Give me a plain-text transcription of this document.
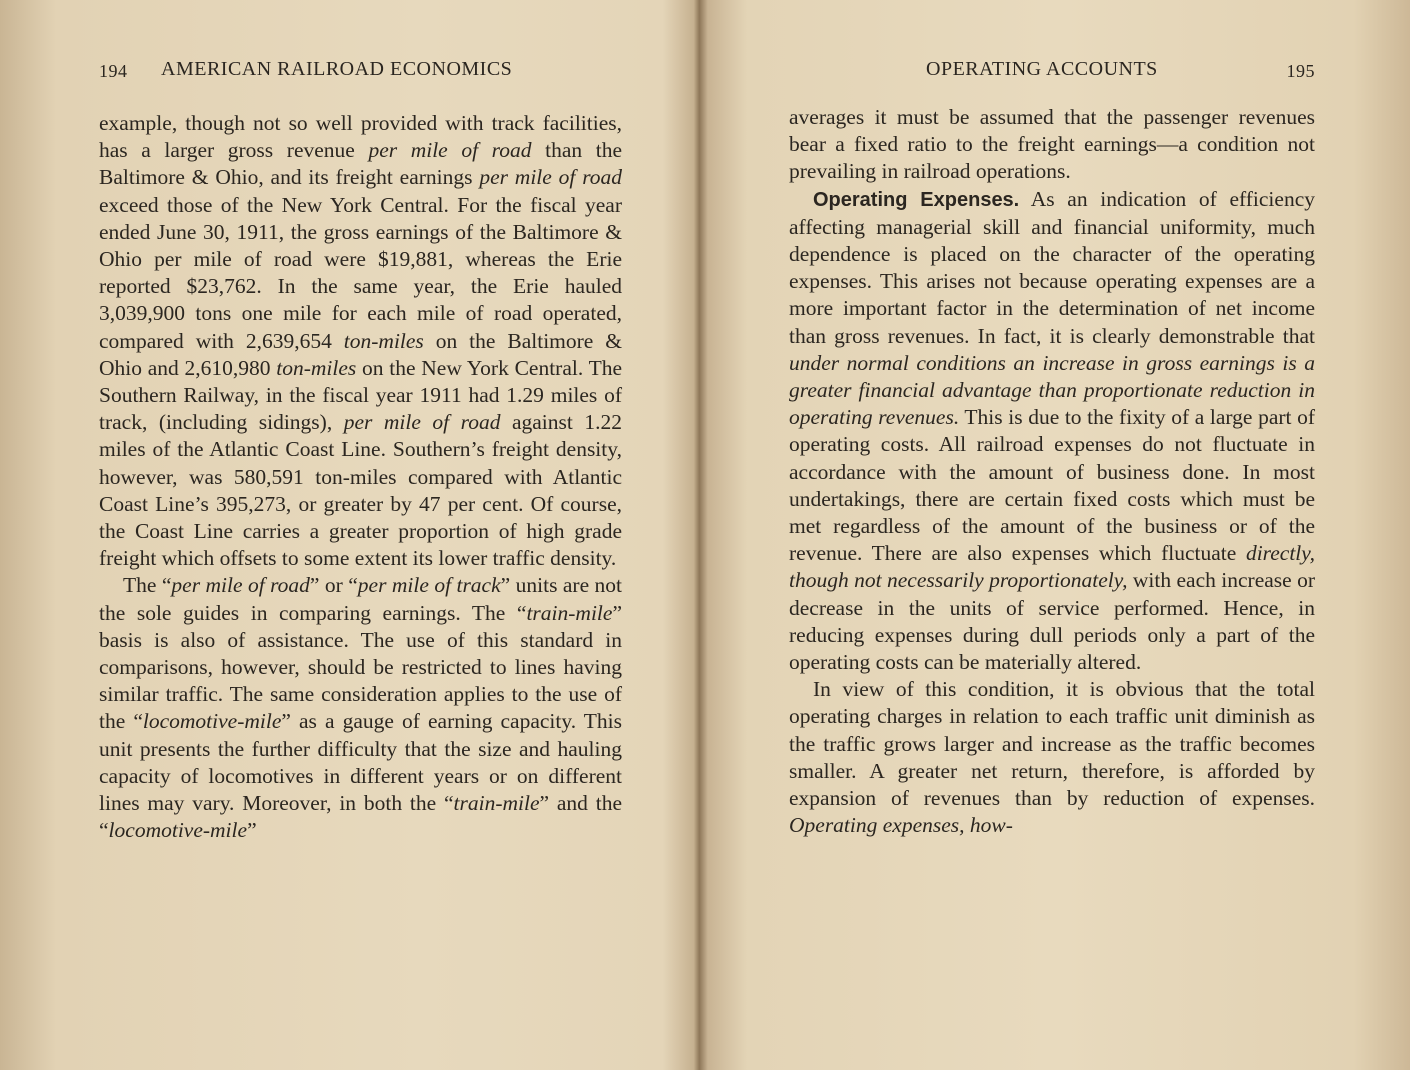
194 AMERICAN RAILROAD ECONOMICS

example, though not so well provided with track facilities, has a larger gross revenue per mile of road than the Baltimore & Ohio, and its freight earnings per mile of road exceed those of the New York Central. For the fiscal year ended June 30, 1911, the gross earnings of the Baltimore & Ohio per mile of road were $19,881, whereas the Erie reported $23,762. In the same year, the Erie hauled 3,039,900 tons one mile for each mile of road operated, compared with 2,639,654 ton-miles on the Baltimore & Ohio and 2,610,980 ton-miles on the New York Central. The Southern Railway, in the fiscal year 1911 had 1.29 miles of track, (including sidings), per mile of road against 1.22 miles of the Atlantic Coast Line. Southern’s freight density, however, was 580,591 ton-miles compared with Atlantic Coast Line’s 395,273, or greater by 47 per cent. Of course, the Coast Line carries a greater proportion of high grade freight which offsets to some extent its lower traffic density.

The “per mile of road” or “per mile of track” units are not the sole guides in comparing earnings. The “train-mile” basis is also of assistance. The use of this standard in comparisons, however, should be restricted to lines having similar traffic. The same consideration applies to the use of the “locomotive-mile” as a gauge of earning capacity. This unit presents the further difficulty that the size and hauling capacity of locomotives in different years or on different lines may vary. Moreover, in both the “train-mile” and the “locomotive-mile”

OPERATING ACCOUNTS	195

averages it must be assumed that the passenger revenues bear a fixed ratio to the freight earnings—a condition not prevailing in railroad operations.

Operating Expenses. As an indication of efficiency affecting managerial skill and financial uniformity, much dependence is placed on the character of the operating expenses. This arises not because operating expenses are a more important factor in the determination of net income than gross revenues. In fact, it is clearly demonstrable that under normal conditions an increase in gross earnings is a greater financial advantage than proportionate reduction in operating revenues. This is due to the fixity of a large part of operating costs. All railroad expenses do not fluctuate in accordance with the amount of business done. In most undertakings, there are certain fixed costs which must be met regardless of the amount of the business or of the revenue. There are also expenses which fluctuate directly, though not necessarily proportionately, with each increase or decrease in the units of service performed. Hence, in reducing expenses during dull periods only a part of the operating costs can be materially altered.

In view of this condition, it is obvious that the total operating charges in relation to each traffic unit diminish as the traffic grows larger and increase as the traffic becomes smaller. A greater net return, therefore, is afforded by expansion of revenues than by reduction of expenses. Operating expenses, how-
